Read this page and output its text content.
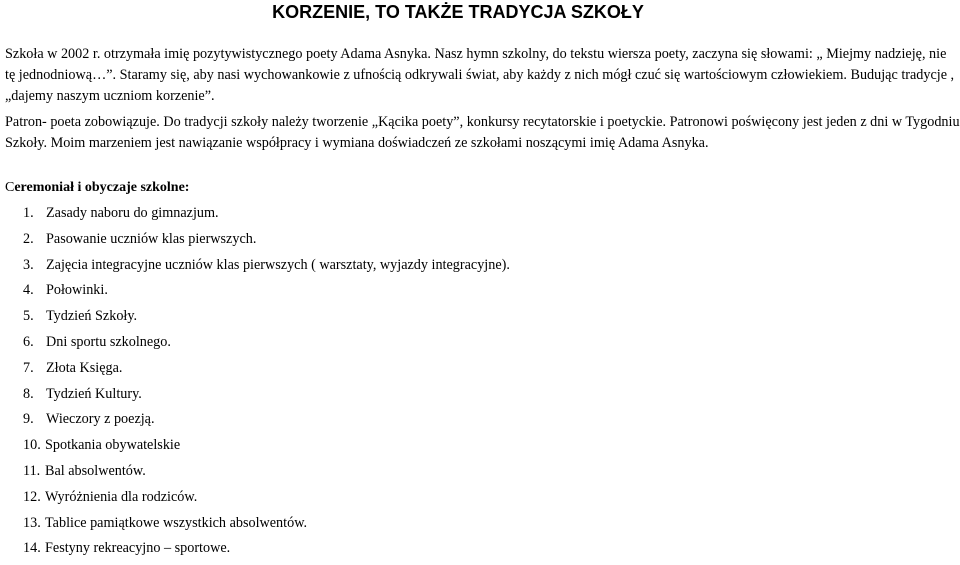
KORZENIE, TO TAKŻE TRADYCJA SZKOŁY

Szkoła w 2002 r. otrzymała imię pozytywistycznego poety Adama Asnyka. Nasz hymn szkolny, do tekstu wiersza poety, zaczyna się słowami: „ Miejmy nadzieję, nie tę jednodniową…”. Staramy się, aby nasi wychowankowie z ufnością odkrywali świat, aby każdy z nich mógł czuć się wartościowym człowiekiem. Budując tradycje , „dajemy naszym uczniom korzenie”.

Patron- poeta zobowiązuje. Do tradycji szkoły należy tworzenie „Kącika poety”, konkursy recytatorskie i poetyckie. Patronowi poświęcony jest jeden z dni w Tygodniu Szkoły. Moim marzeniem jest nawiązanie współpracy i wymiana doświadczeń ze szkołami noszącymi imię Adama Asnyka.

Ceremoniał i obyczaje szkolne:
1. Zasady naboru do gimnazjum.
2. Pasowanie uczniów klas pierwszych.
3. Zajęcia integracyjne uczniów klas pierwszych ( warsztaty, wyjazdy integracyjne).
4. Połowinki.
5. Tydzień Szkoły.
6. Dni sportu szkolnego.
7. Złota Księga.
8. Tydzień Kultury.
9. Wieczory z poezją.
10. Spotkania obywatelskie
11. Bal absolwentów.
12. Wyróżnienia dla rodziców.
13. Tablice pamiątkowe wszystkich absolwentów.
14. Festyny rekreacyjno – sportowe.
